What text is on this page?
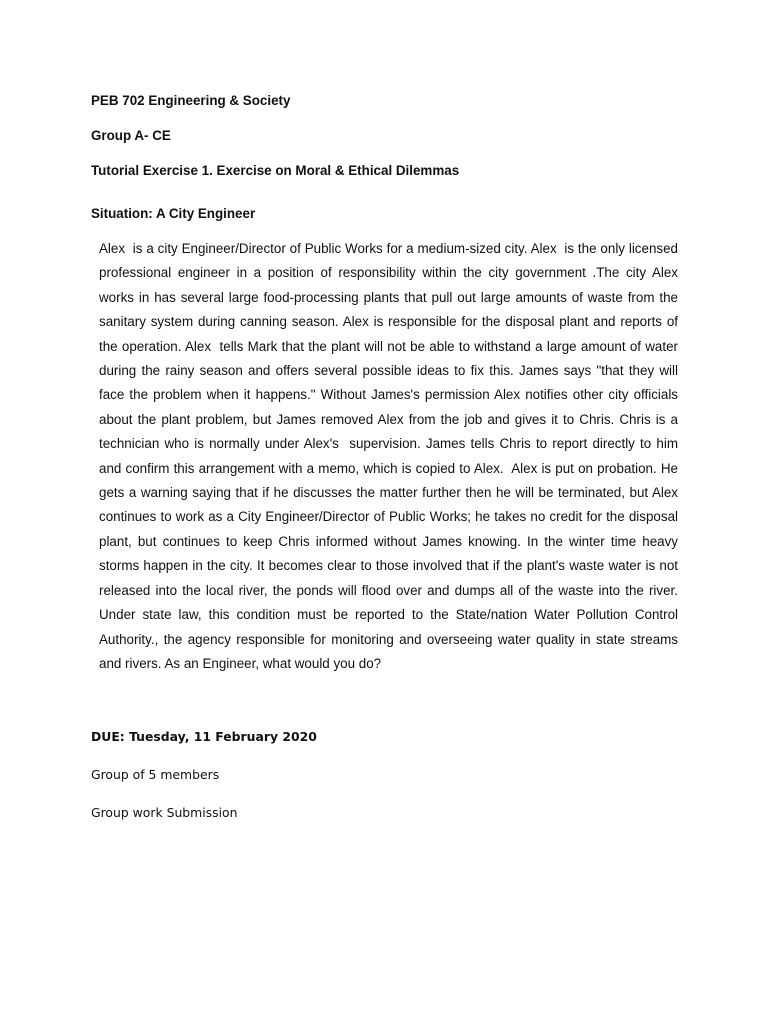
PEB 702 Engineering & Society
Group A- CE
Tutorial Exercise 1. Exercise on Moral & Ethical Dilemmas
Situation: A City Engineer
Alex  is a city Engineer/Director of Public Works for a medium-sized city. Alex  is the only licensed professional engineer in a position of responsibility within the city government .The city Alex works in has several large food-processing plants that pull out large amounts of waste from the sanitary system during canning season. Alex is responsible for the disposal plant and reports of the operation. Alex  tells Mark that the plant will not be able to withstand a large amount of water during the rainy season and offers several possible ideas to fix this. James says "that they will face the problem when it happens." Without James's permission Alex notifies other city officials about the plant problem, but James removed Alex from the job and gives it to Chris. Chris is a technician who is normally under Alex's  supervision. James tells Chris to report directly to him and confirm this arrangement with a memo, which is copied to Alex.  Alex is put on probation. He gets a warning saying that if he discusses the matter further then he will be terminated, but Alex  continues to work as a City Engineer/Director of Public Works; he takes no credit for the disposal plant, but continues to keep Chris informed without James knowing. In the winter time heavy storms happen in the city. It becomes clear to those involved that if the plant's waste water is not released into the local river, the ponds will flood over and dumps all of the waste into the river. Under state law, this condition must be reported to the State/nation Water Pollution Control Authority., the agency responsible for monitoring and overseeing water quality in state streams and rivers. As an Engineer, what would you do?
DUE: Tuesday, 11 February 2020
Group of 5 members
Group work Submission
